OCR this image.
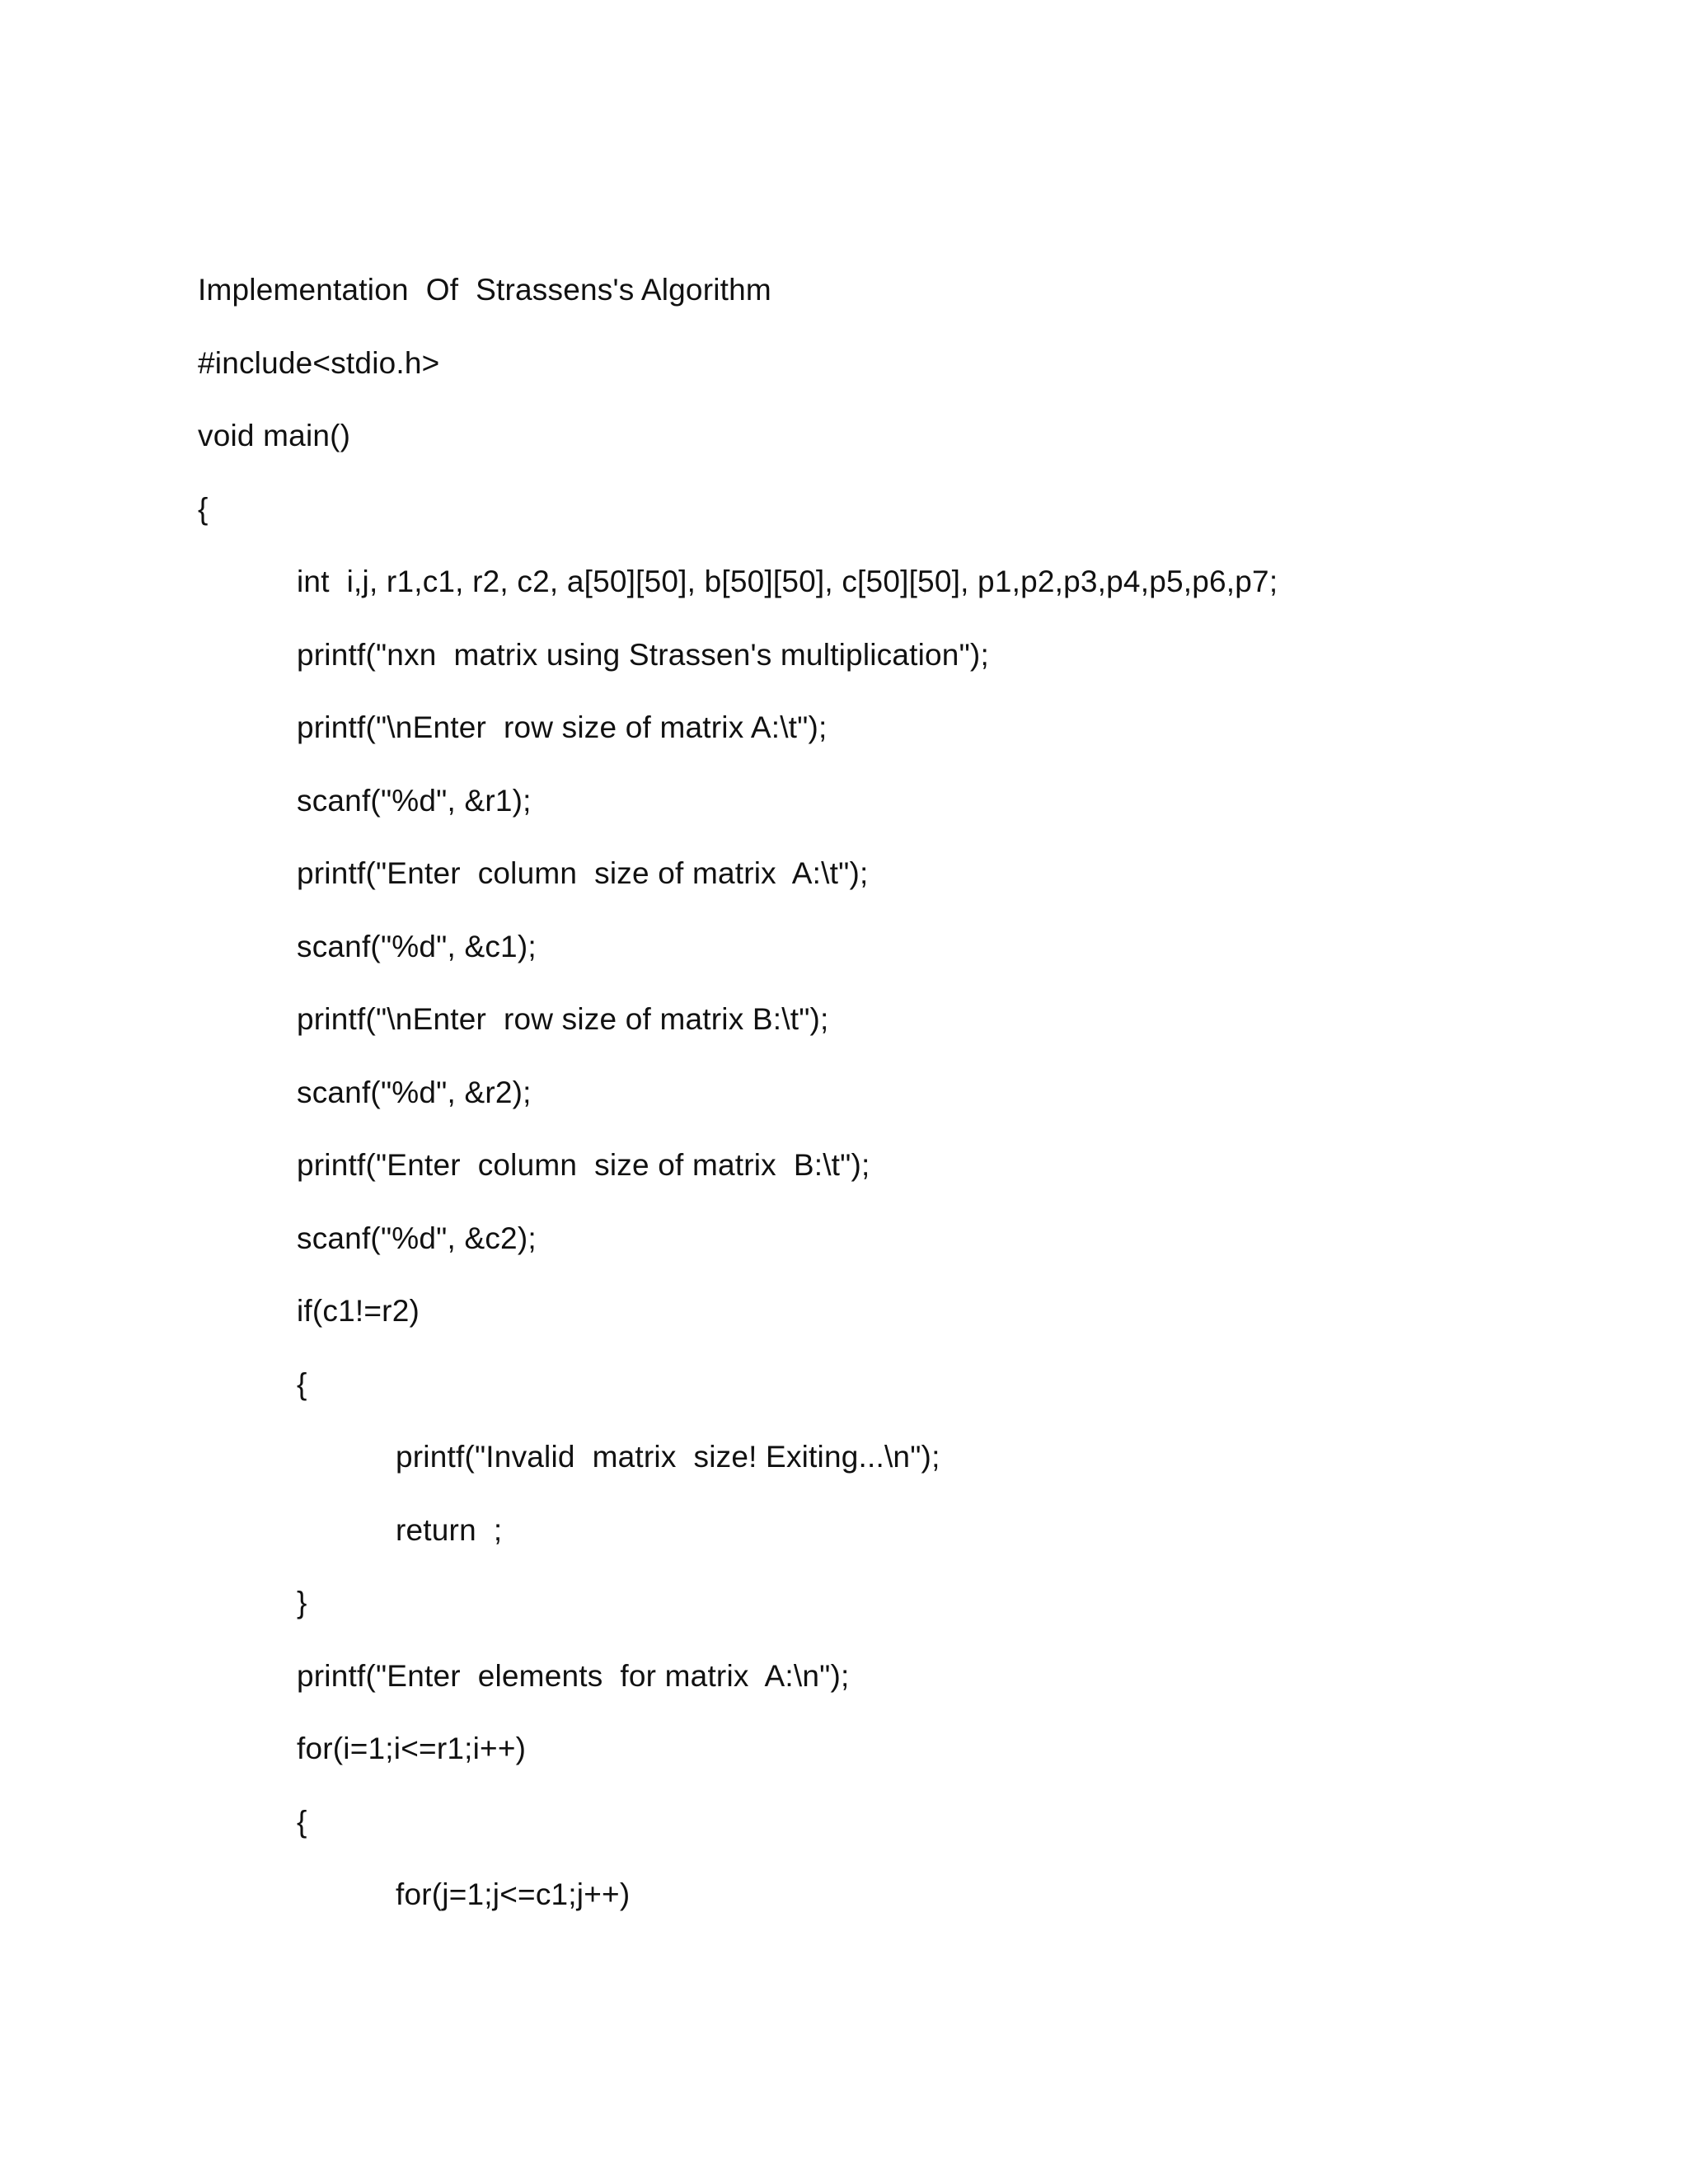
Implementation  Of  Strassens's Algorithm
#include<stdio.h>
void main()
{
int  i,j, r1,c1, r2, c2, a[50][50], b[50][50], c[50][50], p1,p2,p3,p4,p5,p6,p7;
printf("nxn  matrix using Strassen's multiplication");
printf("\nEnter  row size of matrix A:\t");
scanf("%d", &r1);
printf("Enter  column  size of matrix  A:\t");
scanf("%d", &c1);
printf("\nEnter  row size of matrix B:\t");
scanf("%d", &r2);
printf("Enter  column  size of matrix  B:\t");
scanf("%d", &c2);
if(c1!=r2)
{
printf("Invalid  matrix  size! Exiting...\n");
return  ;
}
printf("Enter  elements  for matrix  A:\n");
for(i=1;i<=r1;i++)
{
for(j=1;j<=c1;j++)
